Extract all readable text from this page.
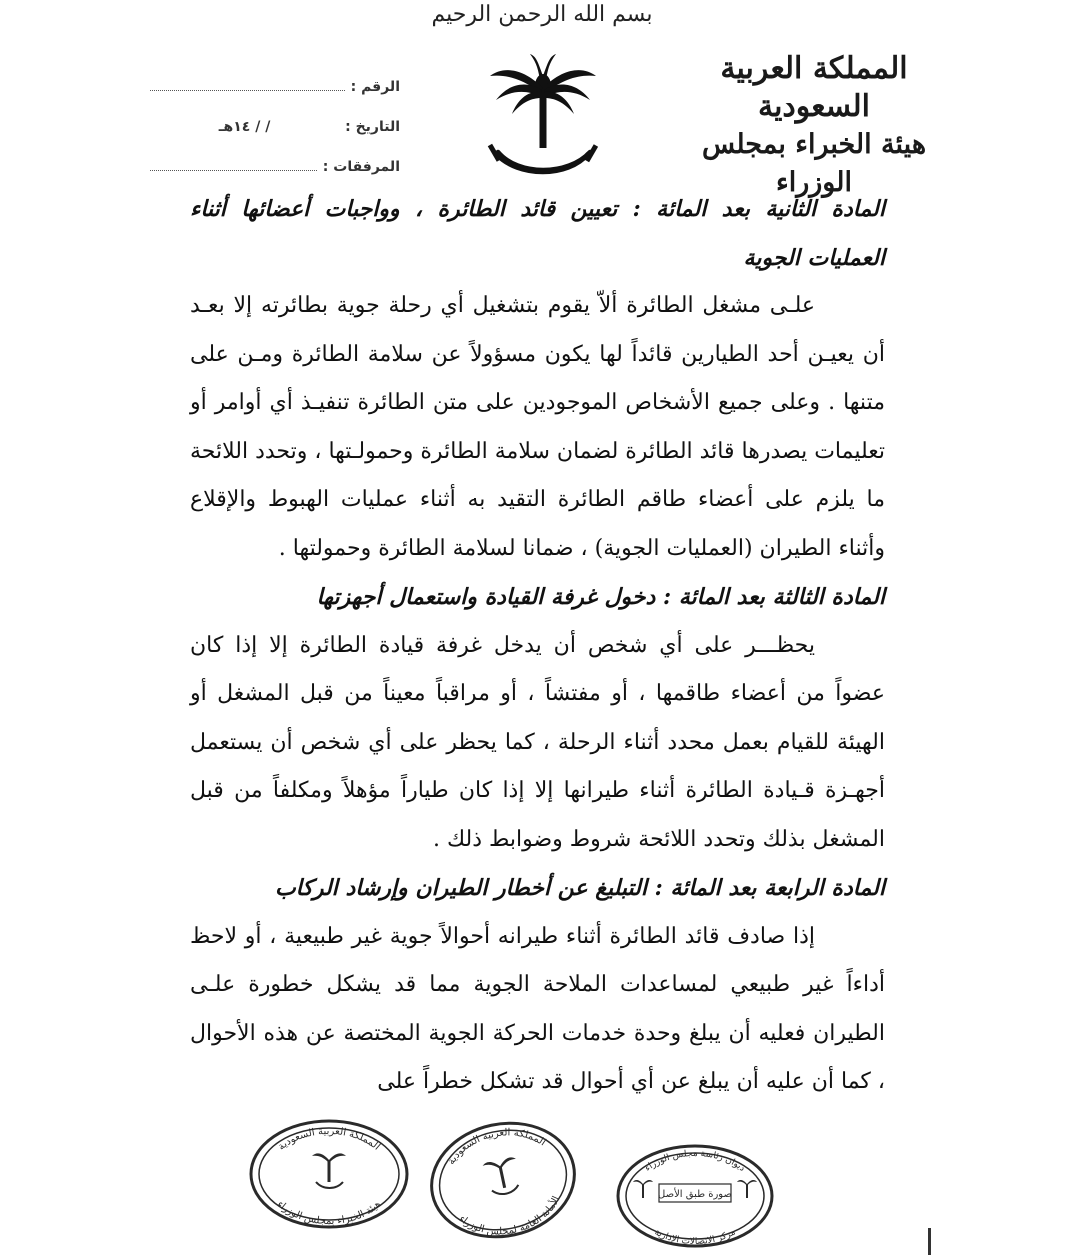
بسم الله الرحمن الرحيم
المملكة العربية السعودية
هيئة الخبراء بمجلس الوزراء
الرقم :
التاريخ :
/ / ١٤هـ
المرفقات :

المادة الثانية بعد المائة : تعيين قائد الطائرة ، وواجبات أعضائها أثناء العمليات الجوية

علـى مشغل الطائرة ألاّ يقوم بتشغيل أي رحلة جوية بطائرته إلا بعـد أن يعيـن أحد الطيارين قائداً لها يكون مسؤولاً عن سلامة الطائرة ومـن على متنها . وعلى جميع الأشخاص الموجودين على متن الطائرة تنفيـذ أي أوامر أو تعليمات يصدرها قائد الطائرة لضمان سلامة الطائرة وحمولـتها ، وتحدد اللائحة ما يلزم على أعضاء طاقم الطائرة التقيد به أثناء عمليات الهبوط والإقلاع وأثناء الطيران (العمليات الجوية) ، ضمانا لسلامة الطائرة وحمولتها .

المادة الثالثة بعد المائة : دخول غرفة القيادة واستعمال أجهزتها

يحظـــر على أي شخص أن يدخل غرفة قيادة الطائرة إلا إذا كان عضواً من أعضاء طاقمها ، أو مفتشاً ، أو مراقباً معيناً من قبل المشغل أو الهيئة للقيام بعمل محدد أثناء الرحلة ، كما يحظر على أي شخص أن يستعمل أجهـزة قـيادة الطائرة أثناء طيرانها إلا إذا كان طياراً مؤهلاً ومكلفاً من قبل المشغل بذلك وتحدد اللائحة شروط وضوابط ذلك .

المادة الرابعة بعد المائة : التبليغ عن أخطار الطيران وإرشاد الركاب

إذا صادف قائد الطائرة أثناء طيرانه أحوالاً جوية غير طبيعية ، أو لاحظ أداءاً غير طبيعي لمساعدات الملاحة الجوية مما قد يشكل خطورة علـى الطيران فعليه أن يبلغ وحدة خدمات الحركة الجوية المختصة عن هذه الأحوال ، كما أن عليه أن يبلغ عن أي أحوال قد تشكل خطراً على

المملكة العربية السعودية
هيئة الخبراء بمجلس الوزراء
المملكة العربية السعودية
الأمانة العامة لمجلس الوزراء
ديوان رئاسة مجلس الوزراء
مركز الاتصالات الإدارية
صورة طبق الأصل
